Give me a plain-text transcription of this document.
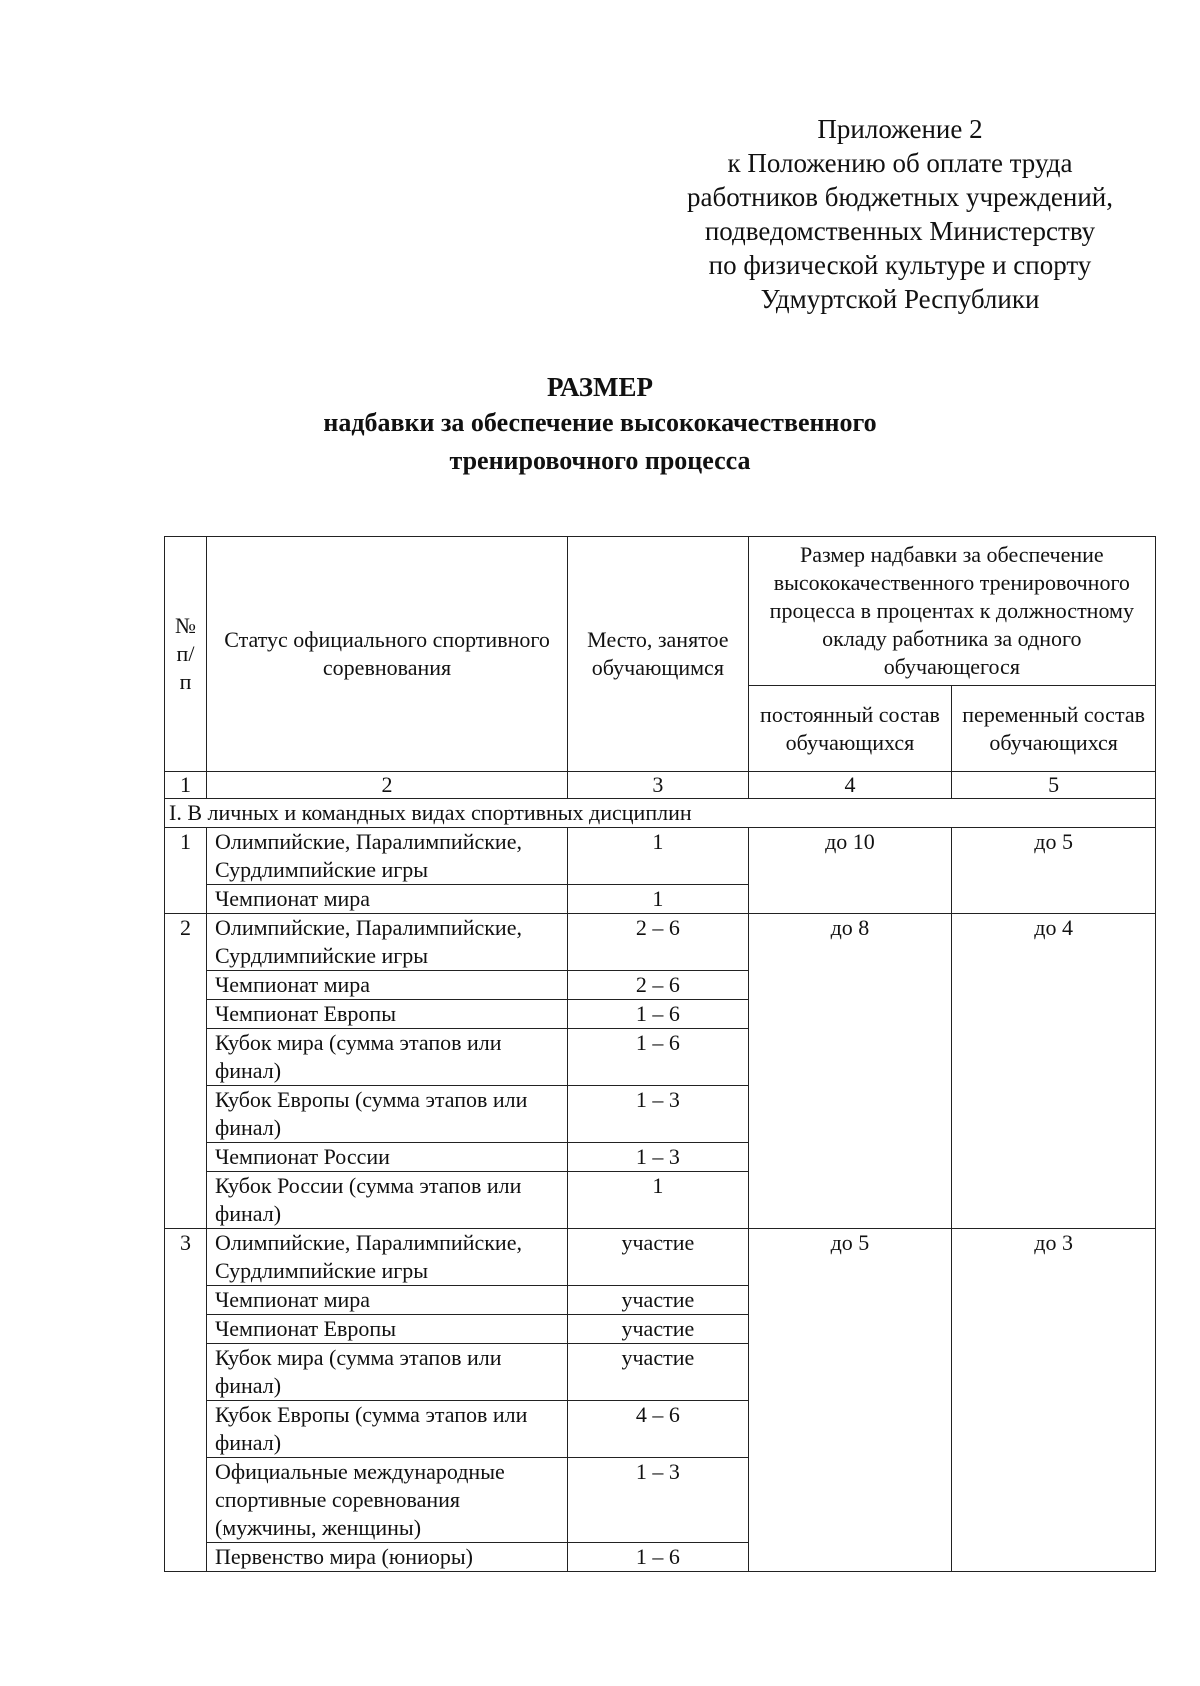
Приложение 2
к Положению об оплате труда
работников бюджетных учреждений,
подведомственных Министерству
по физической культуре и спорту
Удмуртской Республики
РАЗМЕР
надбавки за обеспечение высококачественного
тренировочного процесса
№ п/п	Статус официального спортивного соревнования	Место, занятое обучающимся	Размер надбавки за обеспечение высококачественного тренировочного процесса в процентах к должностному окладу работника за одного обучающегося	
			постоянный состав обучающихся	переменный состав обучающихся
1	2	3	4	5
I. В личных и командных видах спортивных дисциплин				
1	Олимпийские, Паралимпийские, Сурдлимпийские игры	1	до 10	до 5
	Чемпионат мира	1		
2	Олимпийские, Паралимпийские, Сурдлимпийские игры	2 – 6	до 8	до 4
	Чемпионат мира	2 – 6		
	Чемпионат Европы	1 – 6		
	Кубок мира (сумма этапов или финал)	1 – 6		
	Кубок Европы (сумма этапов или финал)	1 – 3		
	Чемпионат России	1 – 3		
	Кубок России (сумма этапов или финал)	1		
3	Олимпийские, Паралимпийские, Сурдлимпийские игры	участие	до 5	до 3
	Чемпионат мира	участие		
	Чемпионат Европы	участие		
	Кубок мира (сумма этапов или финал)	участие		
	Кубок Европы (сумма этапов или финал)	4 – 6		
	Официальные международные спортивные соревнования (мужчины, женщины)	1 – 3		
	Первенство мира (юниоры)	1 – 6		
